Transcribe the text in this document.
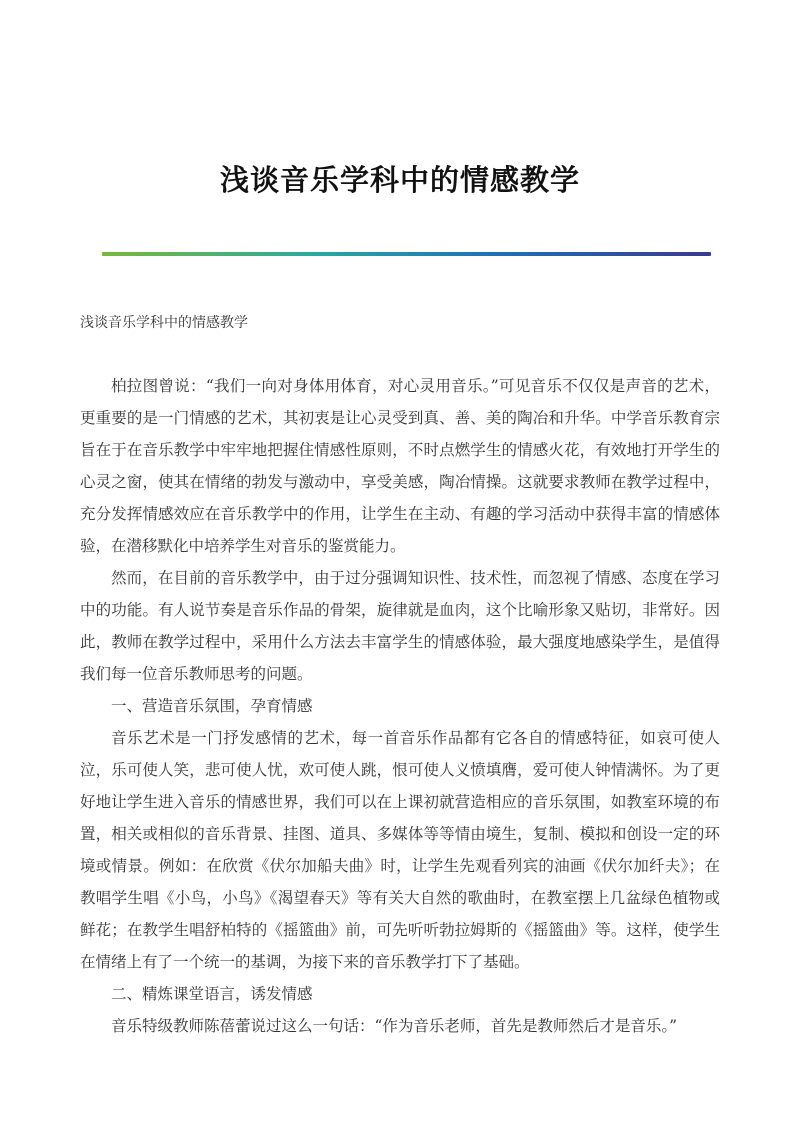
浅谈音乐学科中的情感教学
浅谈音乐学科中的情感教学

柏拉图曾说：“我们一向对身体用体育，对心灵用音乐。”可见音乐不仅仅是声音的艺术，更重要的是一门情感的艺术，其初衷是让心灵受到真、善、美的陶冶和升华。中学音乐教育宗旨在于在音乐教学中牢牢地把握住情感性原则，不时点燃学生的情感火花，有效地打开学生的心灵之窗，使其在情绪的勃发与激动中，享受美感，陶冶情操。这就要求教师在教学过程中，充分发挥情感效应在音乐教学中的作用，让学生在主动、有趣的学习活动中获得丰富的情感体验，在潜移默化中培养学生对音乐的鉴赏能力。

然而，在目前的音乐教学中，由于过分强调知识性、技术性，而忽视了情感、态度在学习中的功能。有人说节奏是音乐作品的骨架，旋律就是血肉，这个比喻形象又贴切，非常好。因此，教师在教学过程中，采用什么方法去丰富学生的情感体验，最大强度地感染学生，是值得我们每一位音乐教师思考的问题。

一、营造音乐氛围，孕育情感

音乐艺术是一门抒发感情的艺术，每一首音乐作品都有它各自的情感特征，如哀可使人泣，乐可使人笑，悲可使人忧，欢可使人跳，恨可使人义愤填膺，爱可使人钟情满怀。为了更好地让学生进入音乐的情感世界，我们可以在上课初就营造相应的音乐氛围，如教室环境的布置，相关或相似的音乐背景、挂图、道具、多媒体等等情由境生，复制、模拟和创设一定的环境或情景。例如：在欣赏《伏尔加船夫曲》时，让学生先观看列宾的油画《伏尔加纤夫》；在教唱学生唱《小鸟，小鸟》《渴望春天》等有关大自然的歌曲时，在教室摆上几盆绿色植物或鲜花；在教学生唱舒柏特的《摇篮曲》前，可先听听勃拉姆斯的《摇篮曲》等。这样，使学生在情绪上有了一个统一的基调，为接下来的音乐教学打下了基础。

二、精炼课堂语言，诱发情感

音乐特级教师陈蓓蕾说过这么一句话：“作为音乐老师，首先是教师然后才是音乐。”
